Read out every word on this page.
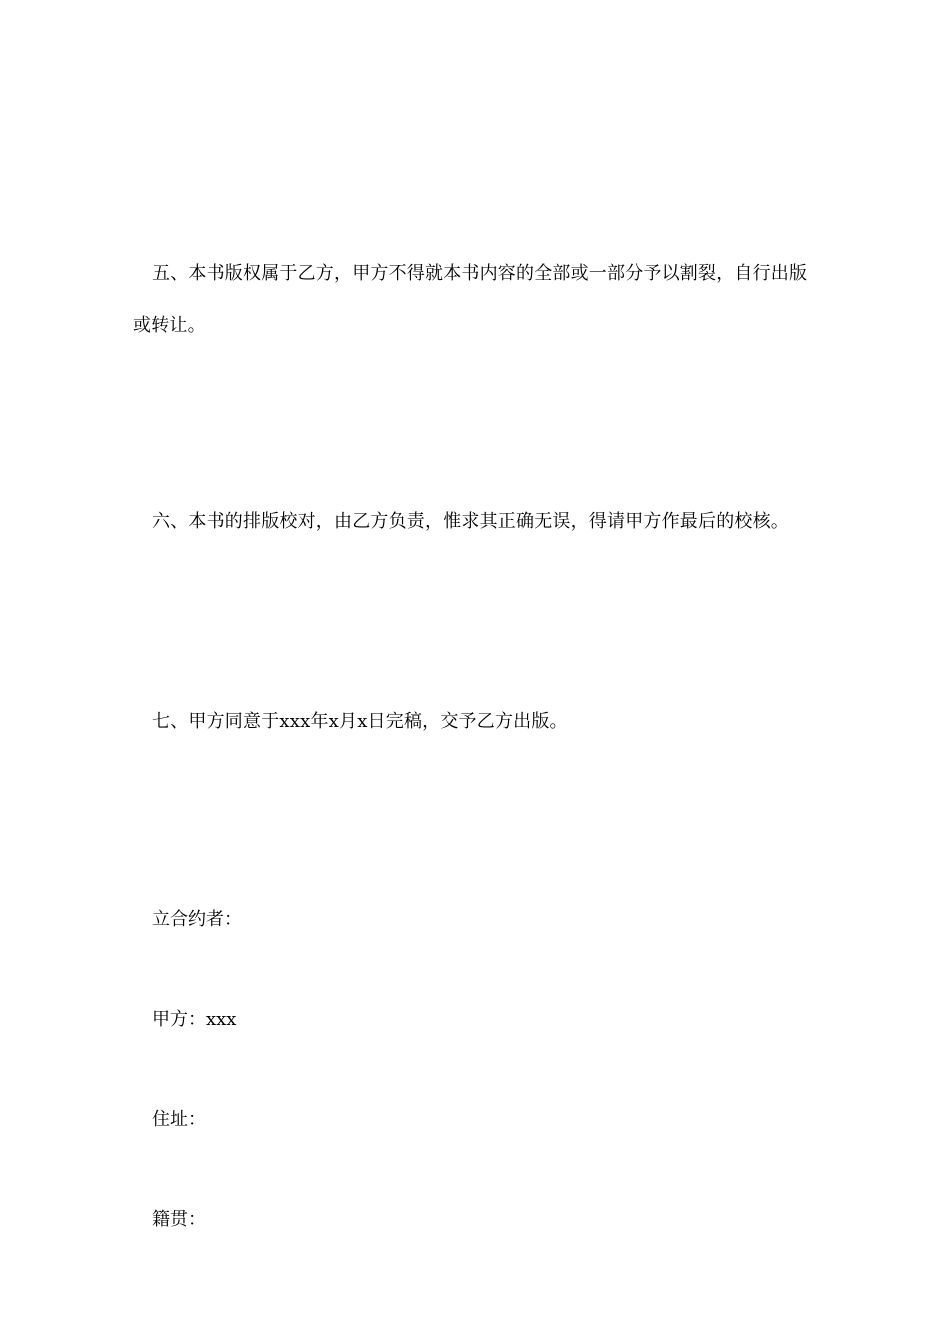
五、本书版权属于乙方，甲方不得就本书内容的全部或一部分予以割裂，自行出版或转让。

六、本书的排版校对，由乙方负责，惟求其正确无误，得请甲方作最后的校核。

七、甲方同意于xxx年x月x日完稿，交予乙方出版。

立合约者：

甲方：xxx

住址：

籍贯：
